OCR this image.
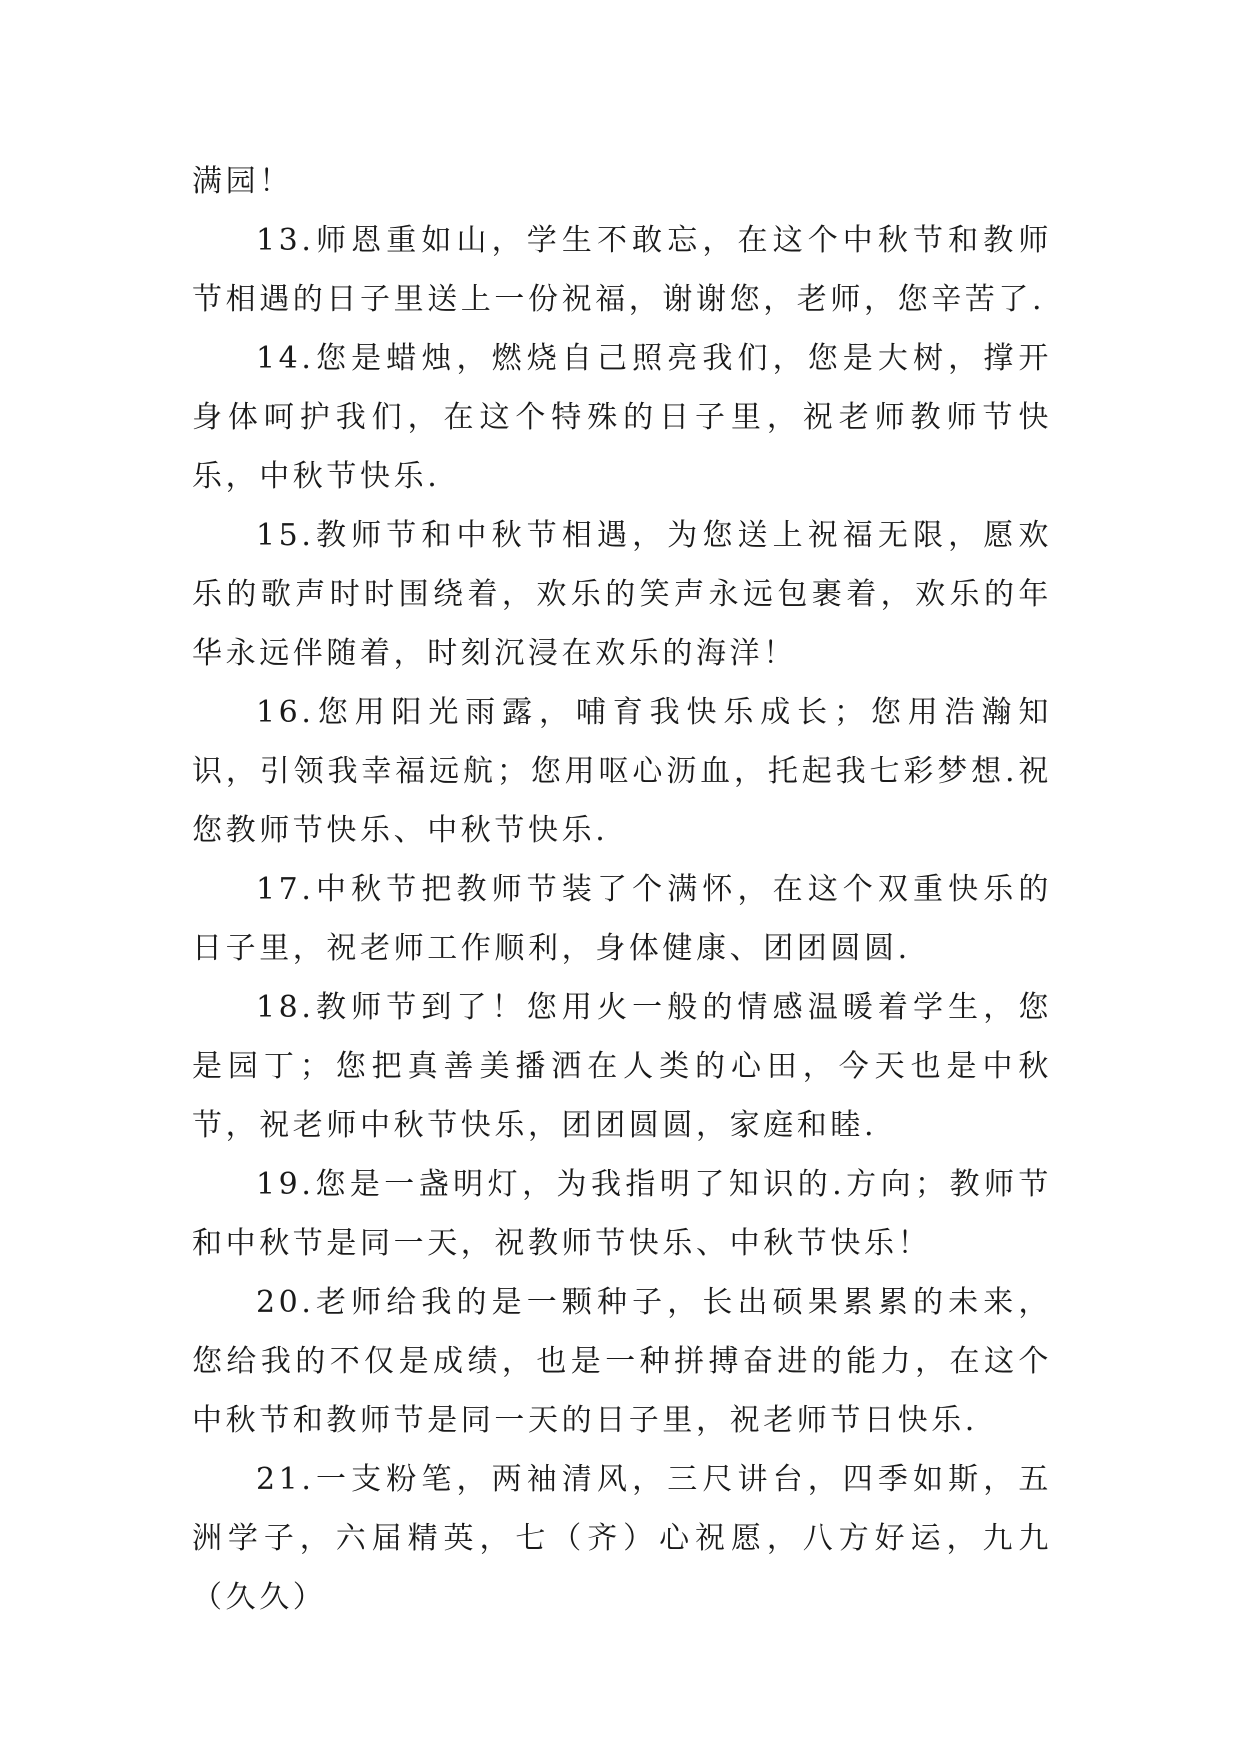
满园！

13.师恩重如山，学生不敢忘，在这个中秋节和教师节相遇的日子里送上一份祝福，谢谢您，老师，您辛苦了.

14.您是蜡烛，燃烧自己照亮我们，您是大树，撑开身体呵护我们，在这个特殊的日子里，祝老师教师节快乐，中秋节快乐.

15.教师节和中秋节相遇，为您送上祝福无限，愿欢乐的歌声时时围绕着，欢乐的笑声永远包裹着，欢乐的年华永远伴随着，时刻沉浸在欢乐的海洋！

16.您用阳光雨露，哺育我快乐成长；您用浩瀚知识，引领我幸福远航；您用呕心沥血，托起我七彩梦想.祝您教师节快乐、中秋节快乐.

17.中秋节把教师节装了个满怀，在这个双重快乐的日子里，祝老师工作顺利，身体健康、团团圆圆.

18.教师节到了！您用火一般的情感温暖着学生，您是园丁；您把真善美播洒在人类的心田，今天也是中秋节，祝老师中秋节快乐，团团圆圆，家庭和睦.

19.您是一盏明灯，为我指明了知识的.方向；教师节和中秋节是同一天，祝教师节快乐、中秋节快乐！

20.老师给我的是一颗种子，长出硕果累累的未来，您给我的不仅是成绩，也是一种拼搏奋进的能力，在这个中秋节和教师节是同一天的日子里，祝老师节日快乐.

21.一支粉笔，两袖清风，三尺讲台，四季如斯，五洲学子，六届精英，七（齐）心祝愿，八方好运，九九（久久）
